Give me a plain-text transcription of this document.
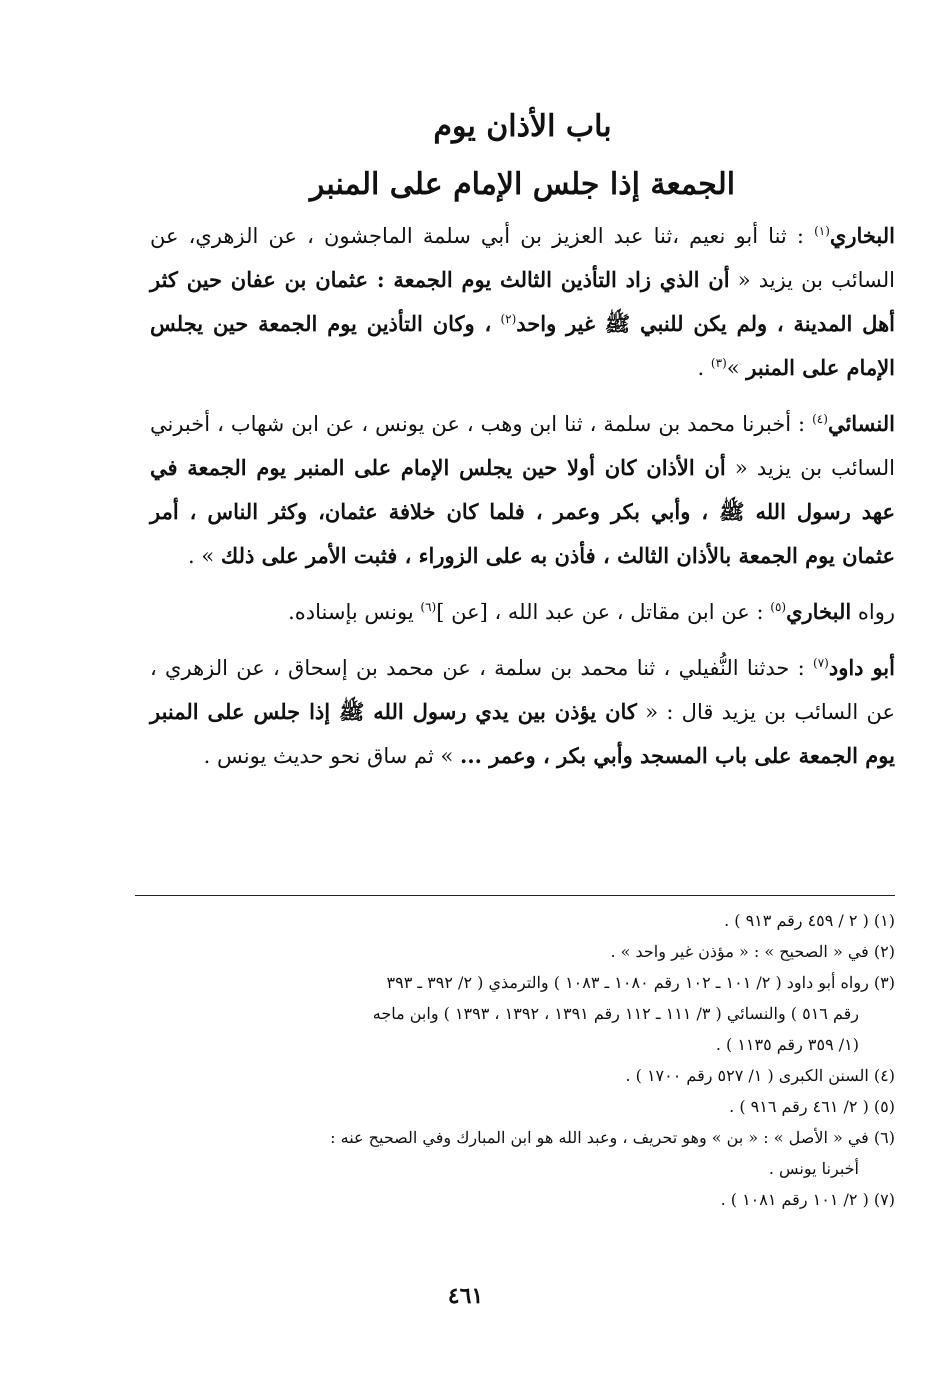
باب الأذان يوم
الجمعة إذا جلس الإمام على المنبر

البخاري$^{(١)}$ : ثنا أبو نعيم ،ثنا عبد العزيز بن أبي سلمة الماجشون ، عن الزهري، عن السائب بن يزيد « أن الذي زاد التأذين الثالث يوم الجمعة : عثمان بن عفان حين كثر أهل المدينة ، ولم يكن للنبي ﷺ غير واحد$^{(٢)}$ ، وكان التأذين يوم الجمعة حين يجلس الإمام على المنبر »$^{(٣)}$ .

النسائي$^{(٤)}$ : أخبرنا محمد بن سلمة ، ثنا ابن وهب ، عن يونس ، عن ابن شهاب ، أخبرني السائب بن يزيد « أن الأذان كان أولا حين يجلس الإمام على المنبر يوم الجمعة في عهد رسول الله ﷺ ، وأبي بكر وعمر ، فلما كان خلافة عثمان، وكثر الناس ، أمر عثمان يوم الجمعة بالأذان الثالث ، فأذن به على الزوراء ، فثبت الأمر على ذلك » .

رواه البخاري$^{(٥)}$ : عن ابن مقاتل ، عن عبد الله ، [عن ]$^{(٦)}$ يونس بإسناده.

أبو داود$^{(٧)}$ : حدثنا النُّفيلي ، ثنا محمد بن سلمة ، عن محمد بن إسحاق ، عن الزهري ، عن السائب بن يزيد قال : « كان يؤذن بين يدي رسول الله ﷺ إذا جلس على المنبر يوم الجمعة على باب المسجد وأبي بكر ، وعمر ... » ثم ساق نحو حديث يونس .

(١) ( ٢ / ٤٥٩ رقم ٩١٣ ) .
(٢) في « الصحيح » : « مؤذن غير واحد » .
(٣) رواه أبو داود ( ٢/ ١٠١ ـ ١٠٢ رقم ١٠٨٠ ـ ١٠٨٣ ) والترمذي ( ٢/ ٣٩٢ ـ ٣٩٣
رقم ٥١٦ ) والنسائي ( ٣/ ١١١ ـ ١١٢ رقم ١٣٩١ ، ١٣٩٢ ، ١٣٩٣ ) وابن ماجه
(١/ ٣٥٩ رقم ١١٣٥ ) .
(٤) السنن الكبرى ( ١/ ٥٢٧ رقم ١٧٠٠ ) .
(٥) ( ٢/ ٤٦١ رقم ٩١٦ ) .
(٦) في « الأصل » : « بن » وهو تحريف ، وعبد الله هو ابن المبارك وفي الصحيح عنه :
أخبرنا يونس .
(٧) ( ٢/ ١٠١ رقم ١٠٨١ ) .
٤٦١
